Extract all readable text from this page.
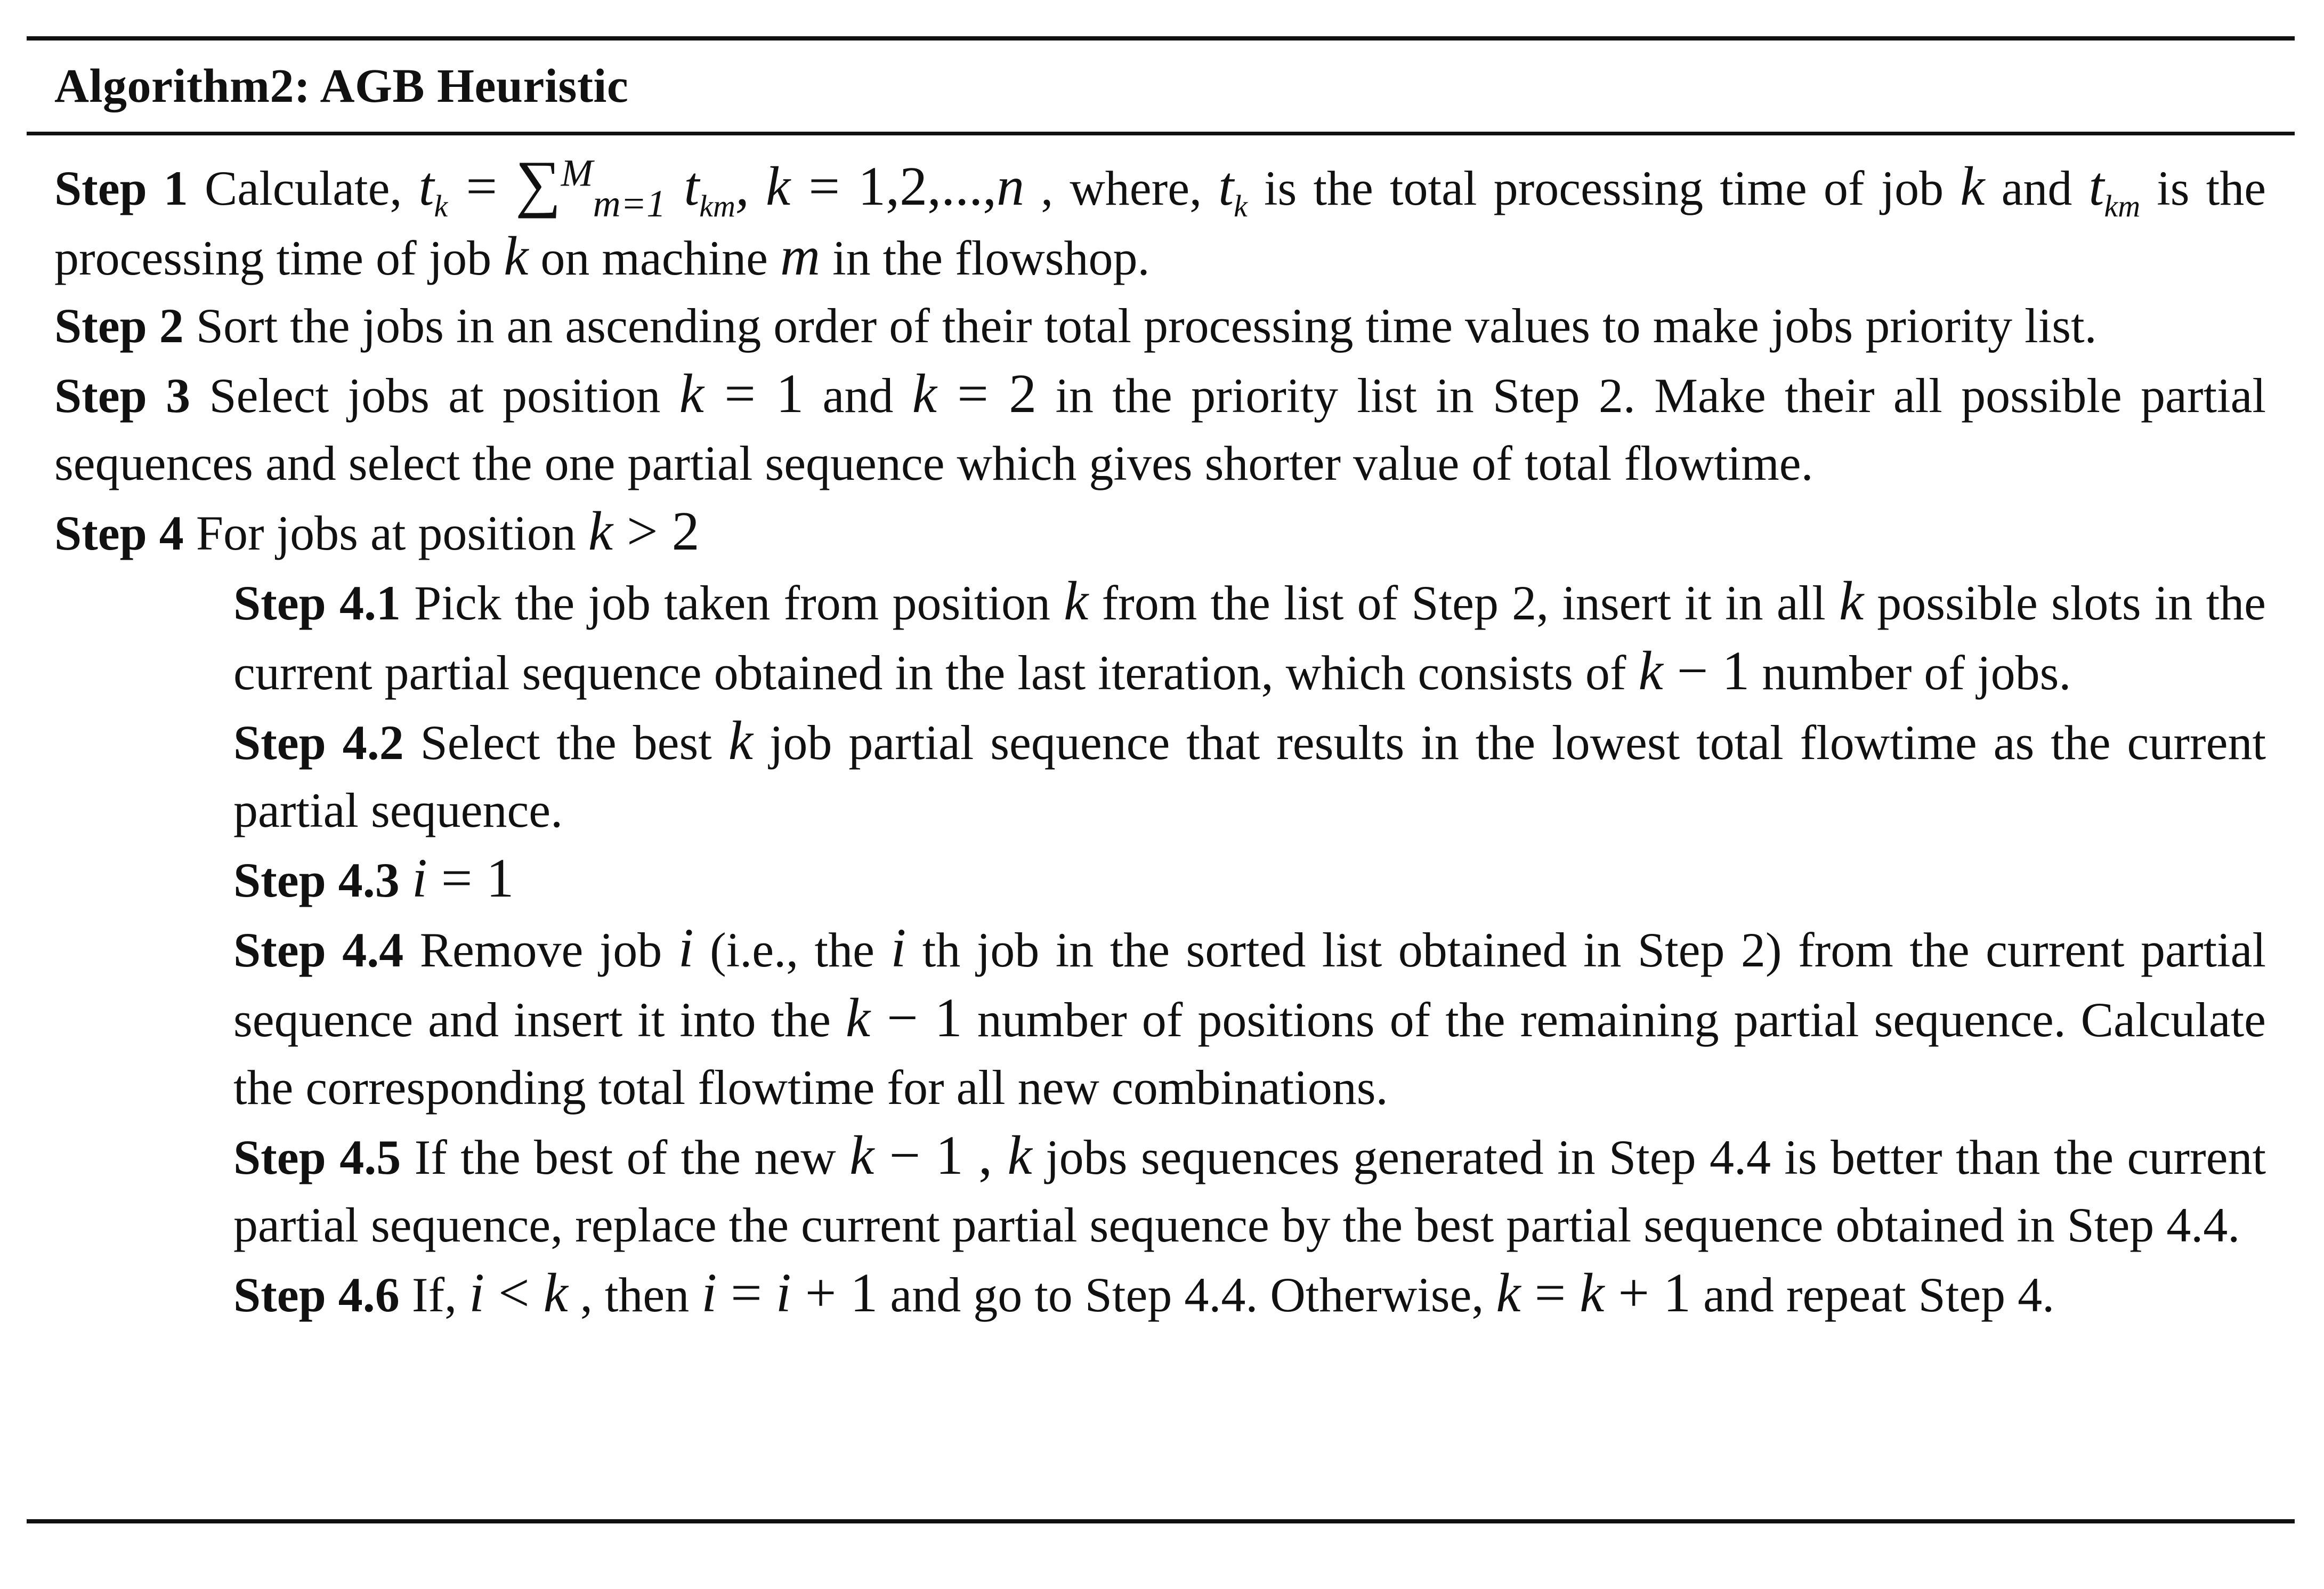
Algorithm2: AGB Heuristic

Step 1 Calculate, $t_k = \sum^M_{m=1}$ $t_{km}$, k = 1,2,...,n , where, $t_k$ is the total processing time of job k and $t_{km}$ is the processing time of job k on machine m in the flowshop.

Step 2 Sort the jobs in an ascending order of their total processing time values to make jobs priority list.

Step 3 Select jobs at position k = 1 and k = 2 in the priority list in Step 2. Make their all possible partial sequences and select the one partial sequence which gives shorter value of total flowtime.

Step 4 For jobs at position k > 2

Step 4.1 Pick the job taken from position k from the list of Step 2, insert it in all k possible slots in the current partial sequence obtained in the last iteration, which consists of k − 1 number of jobs.

Step 4.2 Select the best k job partial sequence that results in the lowest total flowtime as the current partial sequence.

Step 4.3 i = 1

Step 4.4 Remove job i (i.e., the i th job in the sorted list obtained in Step 2) from the current partial sequence and insert it into the k − 1 number of positions of the remaining partial sequence. Calculate the corresponding total flowtime for all new combinations.

Step 4.5 If the best of the new k − 1 , k jobs sequences generated in Step 4.4 is better than the current partial sequence, replace the current partial sequence by the best partial sequence obtained in Step 4.4.

Step 4.6 If, i < k , then i = i + 1 and go to Step 4.4. Otherwise, k = k + 1 and repeat Step 4.
